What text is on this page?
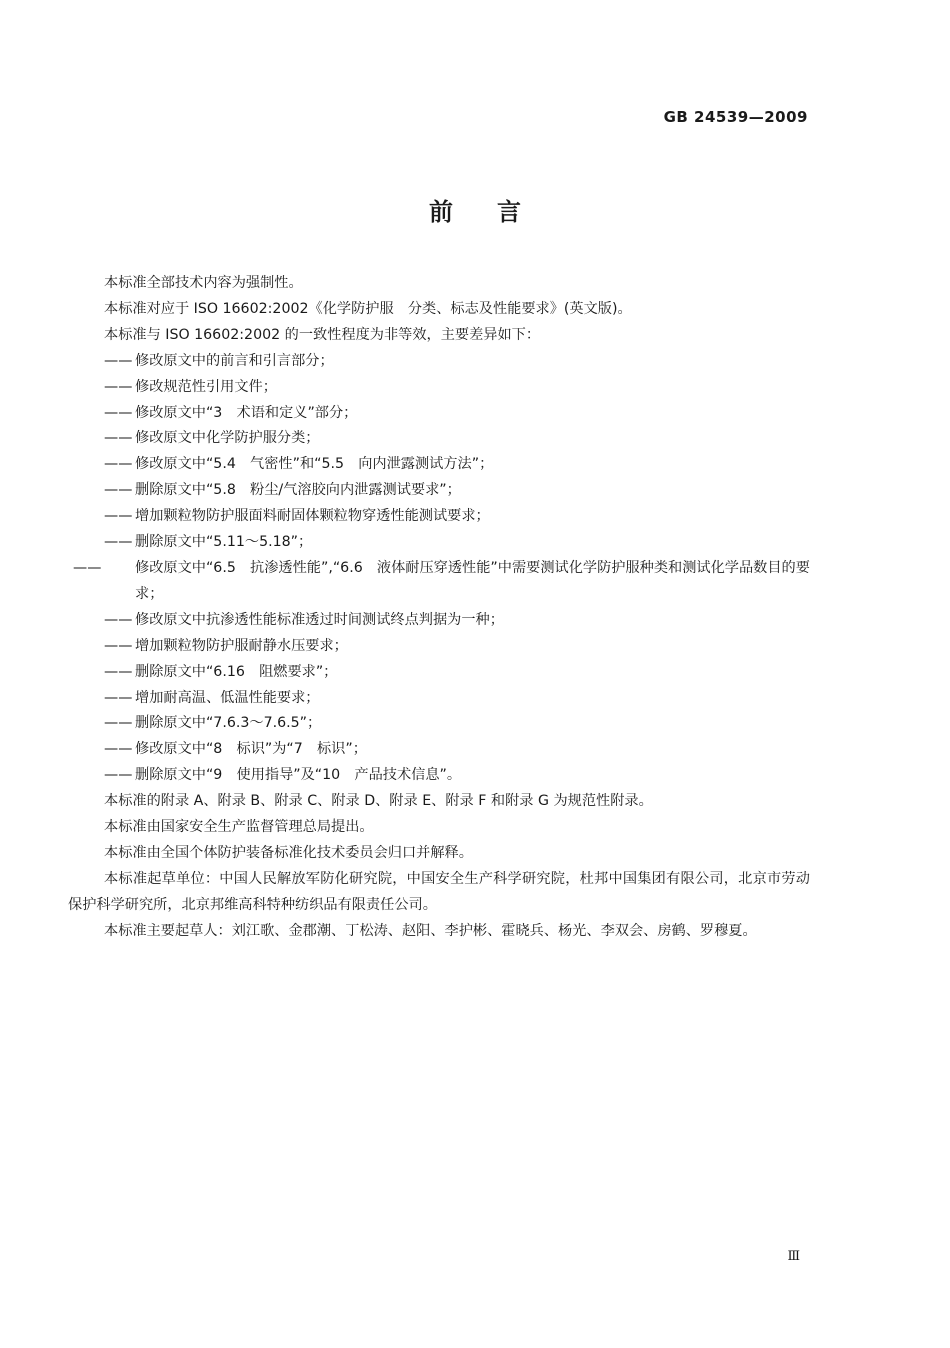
GB 24539—2009
前言

本标准全部技术内容为强制性。

本标准对应于 ISO 16602:2002《化学防护服　分类、标志及性能要求》(英文版)。

本标准与 ISO 16602:2002 的一致性程度为非等效，主要差异如下：

—— 修改原文中的前言和引言部分；

—— 修改规范性引用文件；

—— 修改原文中“3　术语和定义”部分；

—— 修改原文中化学防护服分类；

—— 修改原文中“5.4　气密性”和“5.5　向内泄露测试方法”；

—— 删除原文中“5.8　粉尘/气溶胶向内泄露测试要求”；

—— 增加颗粒物防护服面料耐固体颗粒物穿透性能测试要求；

—— 删除原文中“5.11～5.18”；

—— 修改原文中“6.5　抗渗透性能”,“6.6　液体耐压穿透性能”中需要测试化学防护服种类和测试化学品数目的要求；

—— 修改原文中抗渗透性能标准透过时间测试终点判据为一种；

—— 增加颗粒物防护服耐静水压要求；

—— 删除原文中“6.16　阻燃要求”；

—— 增加耐高温、低温性能要求；

—— 删除原文中“7.6.3～7.6.5”；

—— 修改原文中“8　标识”为“7　标识”；

—— 删除原文中“9　使用指导”及“10　产品技术信息”。

本标准的附录 A、附录 B、附录 C、附录 D、附录 E、附录 F 和附录 G 为规范性附录。

本标准由国家安全生产监督管理总局提出。

本标准由全国个体防护装备标准化技术委员会归口并解释。

本标准起草单位：中国人民解放军防化研究院，中国安全生产科学研究院，杜邦中国集团有限公司，北京市劳动保护科学研究所，北京邦维高科特种纺织品有限责任公司。

本标准主要起草人：刘江歌、金郡潮、丁松涛、赵阳、李护彬、霍晓兵、杨光、李双会、房鹤、罗穆夏。

Ⅲ
